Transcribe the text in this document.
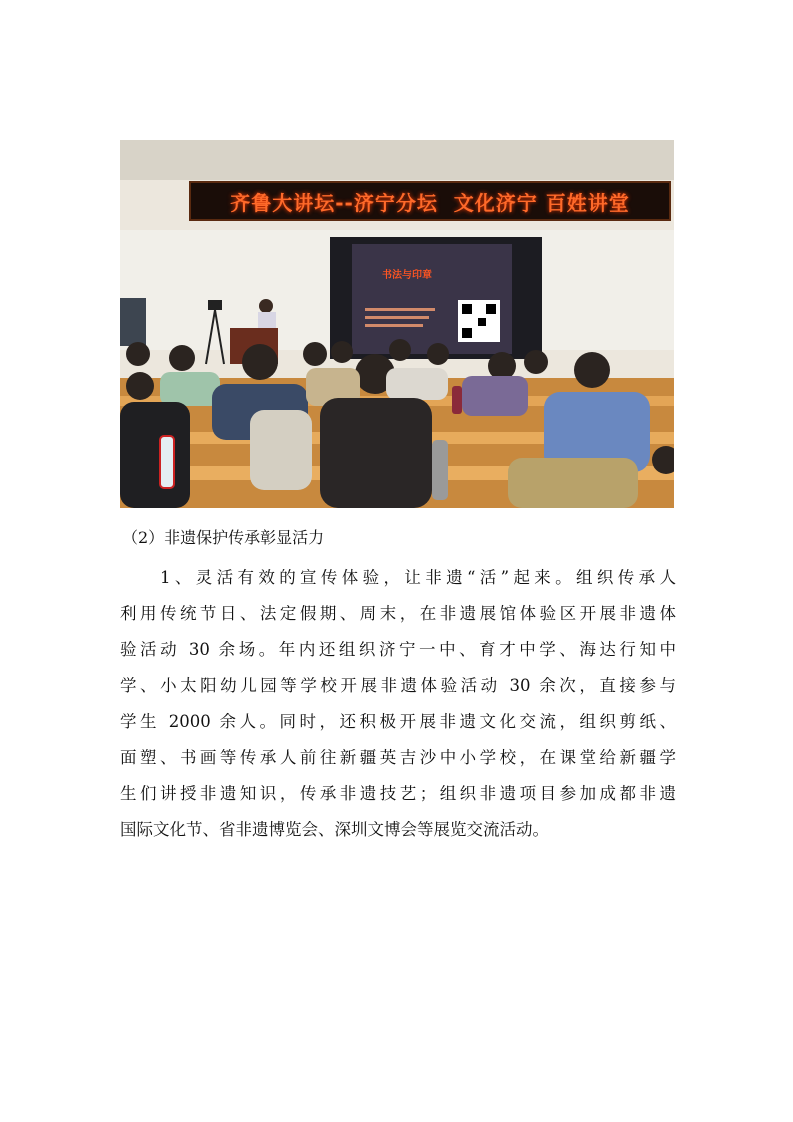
齐鲁大讲坛--济宁分坛  文化济宁 百姓讲堂
书法与印章
（2）非遗保护传承彰显活力
1、灵活有效的宣传体验，让非遗“活”起来。组织传承人
利用传统节日、法定假期、周末，在非遗展馆体验区开展非遗体
验活动 30 余场。年内还组织济宁一中、育才中学、海达行知中
学、小太阳幼儿园等学校开展非遗体验活动 30 余次，直接参与
学生 2000 余人。同时，还积极开展非遗文化交流，组织剪纸、
面塑、书画等传承人前往新疆英吉沙中小学校，在课堂给新疆学
生们讲授非遗知识，传承非遗技艺；组织非遗项目参加成都非遗
国际文化节、省非遗博览会、深圳文博会等展览交流活动。
